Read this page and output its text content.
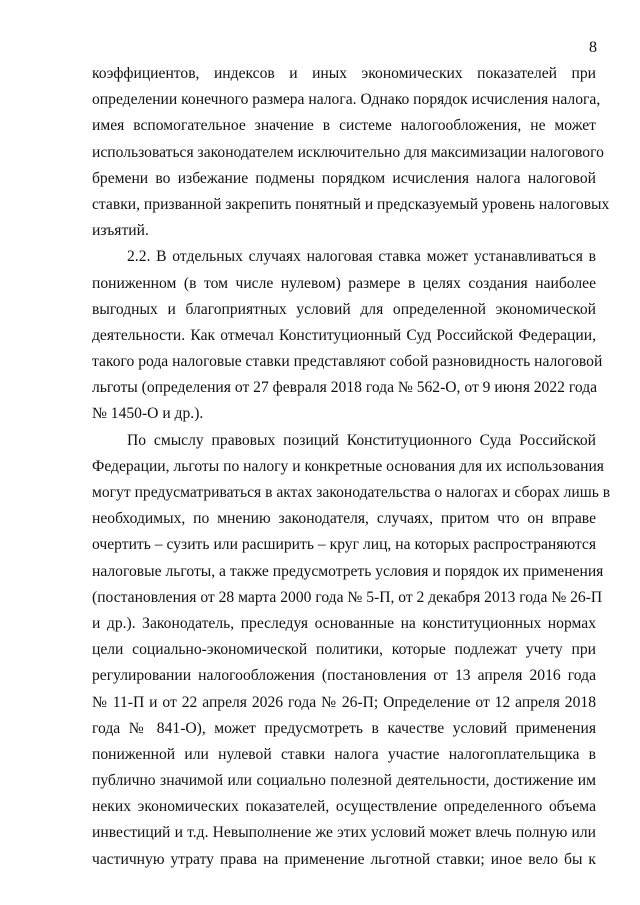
8
коэффициентов, индексов и иных экономических показателей при
определении конечного размера налога. Однако порядок исчисления налога,
имея вспомогательное значение в системе налогообложения, не может
использоваться законодателем исключительно для максимизации налогового
бремени во избежание подмены порядком исчисления налога налоговой
ставки, призванной закрепить понятный и предсказуемый уровень налоговых
изъятий.
2.2. В отдельных случаях налоговая ставка может устанавливаться в
пониженном (в том числе нулевом) размере в целях создания наиболее
выгодных и благоприятных условий для определенной экономической
деятельности. Как отмечал Конституционный Суд Российской Федерации,
такого рода налоговые ставки представляют собой разновидность налоговой
льготы (определения от 27 февраля 2018 года № 562-О, от 9 июня 2022 года
№ 1450-О и др.).
По смыслу правовых позиций Конституционного Суда Российской
Федерации, льготы по налогу и конкретные основания для их использования
могут предусматриваться в актах законодательства о налогах и сборах лишь в
необходимых, по мнению законодателя, случаях, притом что он вправе
очертить – сузить или расширить – круг лиц, на которых распространяются
налоговые льготы, а также предусмотреть условия и порядок их применения
(постановления от 28 марта 2000 года № 5-П, от 2 декабря 2013 года № 26-П
и др.). Законодатель, преследуя основанные на конституционных нормах
цели социально-экономической политики, которые подлежат учету при
регулировании налогообложения (постановления от 13 апреля 2016 года
№ 11-П и от 22 апреля 2026 года № 26-П; Определение от 12 апреля 2018
года № 841-О), может предусмотреть в качестве условий применения
пониженной или нулевой ставки налога участие налогоплательщика в
публично значимой или социально полезной деятельности, достижение им
неких экономических показателей, осуществление определенного объема
инвестиций и т.д. Невыполнение же этих условий может влечь полную или
частичную утрату права на применение льготной ставки; иное вело бы к
